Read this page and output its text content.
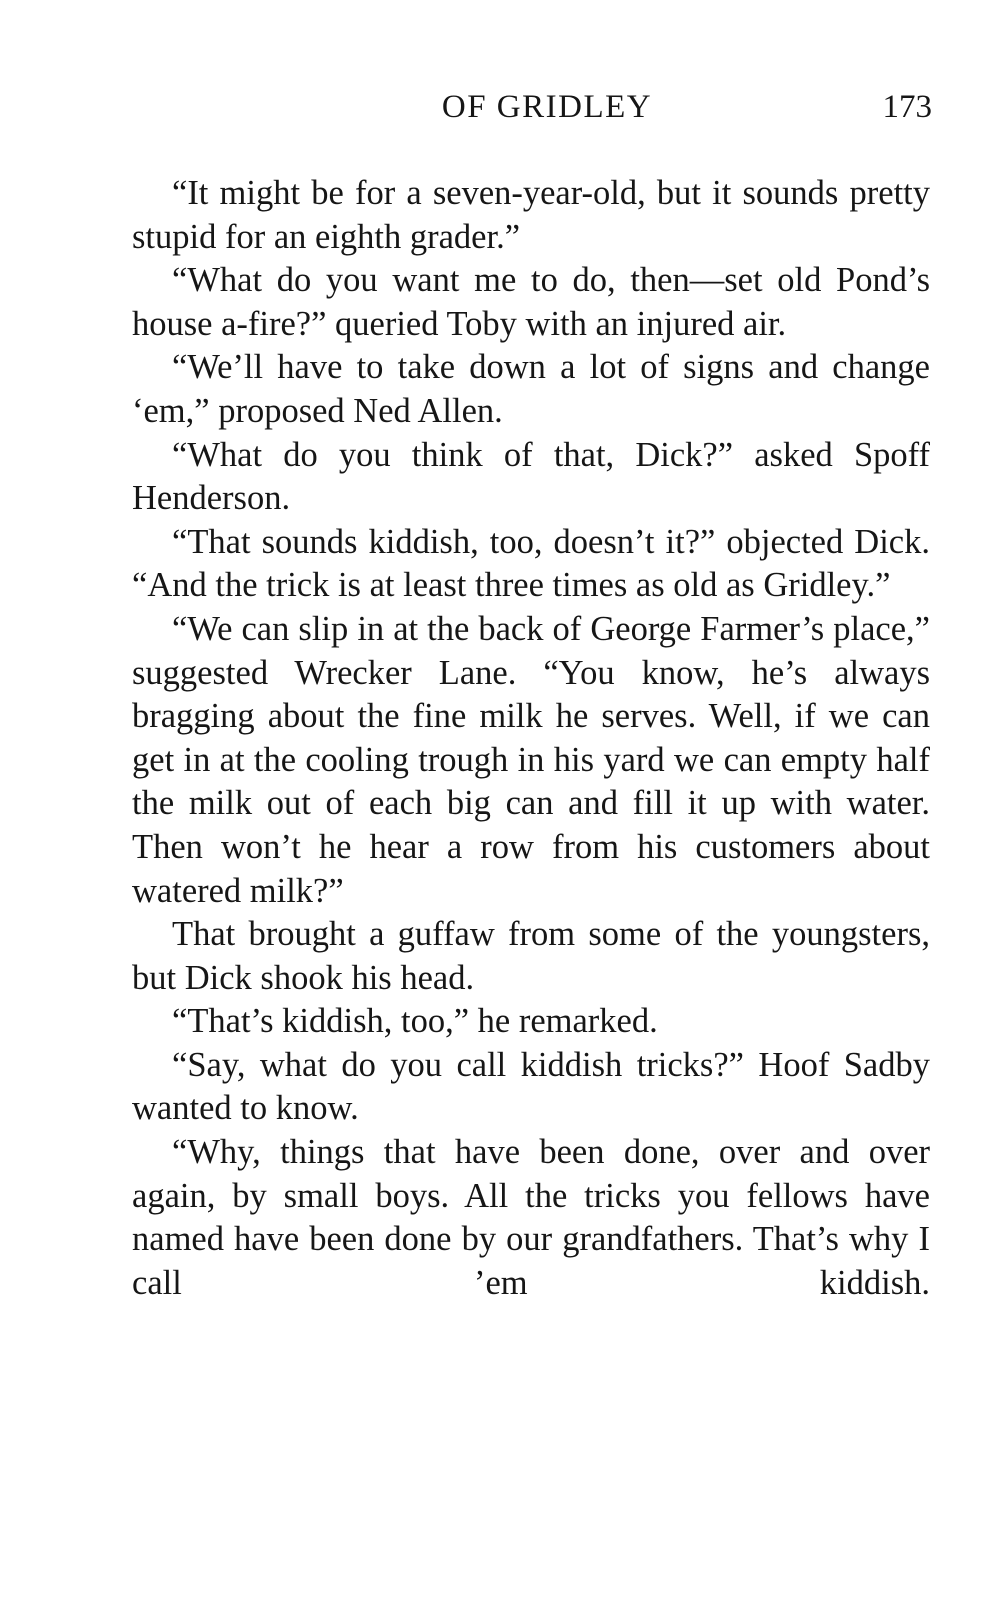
OF GRIDLEY	173

“It might be for a seven-year-old, but it sounds pretty stupid for an eighth grader.”

“What do you want me to do, then—set old Pond’s house a-fire?” queried Toby with an injured air.

“We’ll have to take down a lot of signs and change ‘em,” proposed Ned Allen.

“What do you think of that, Dick?” asked Spoff Henderson.

“That sounds kiddish, too, doesn’t it?” objected Dick. “And the trick is at least three times as old as Gridley.”

“We can slip in at the back of George Farmer’s place,” suggested Wrecker Lane. “You know, he’s always bragging about the fine milk he serves. Well, if we can get in at the cooling trough in his yard we can empty half the milk out of each big can and fill it up with water. Then won’t he hear a row from his customers about watered milk?”

That brought a guffaw from some of the youngsters, but Dick shook his head.

“That’s kiddish, too,” he remarked.

“Say, what do you call kiddish tricks?” Hoof Sadby wanted to know.

“Why, things that have been done, over and over again, by small boys. All the tricks you fellows have named have been done by our grandfathers. That’s why I call ’em kiddish.
